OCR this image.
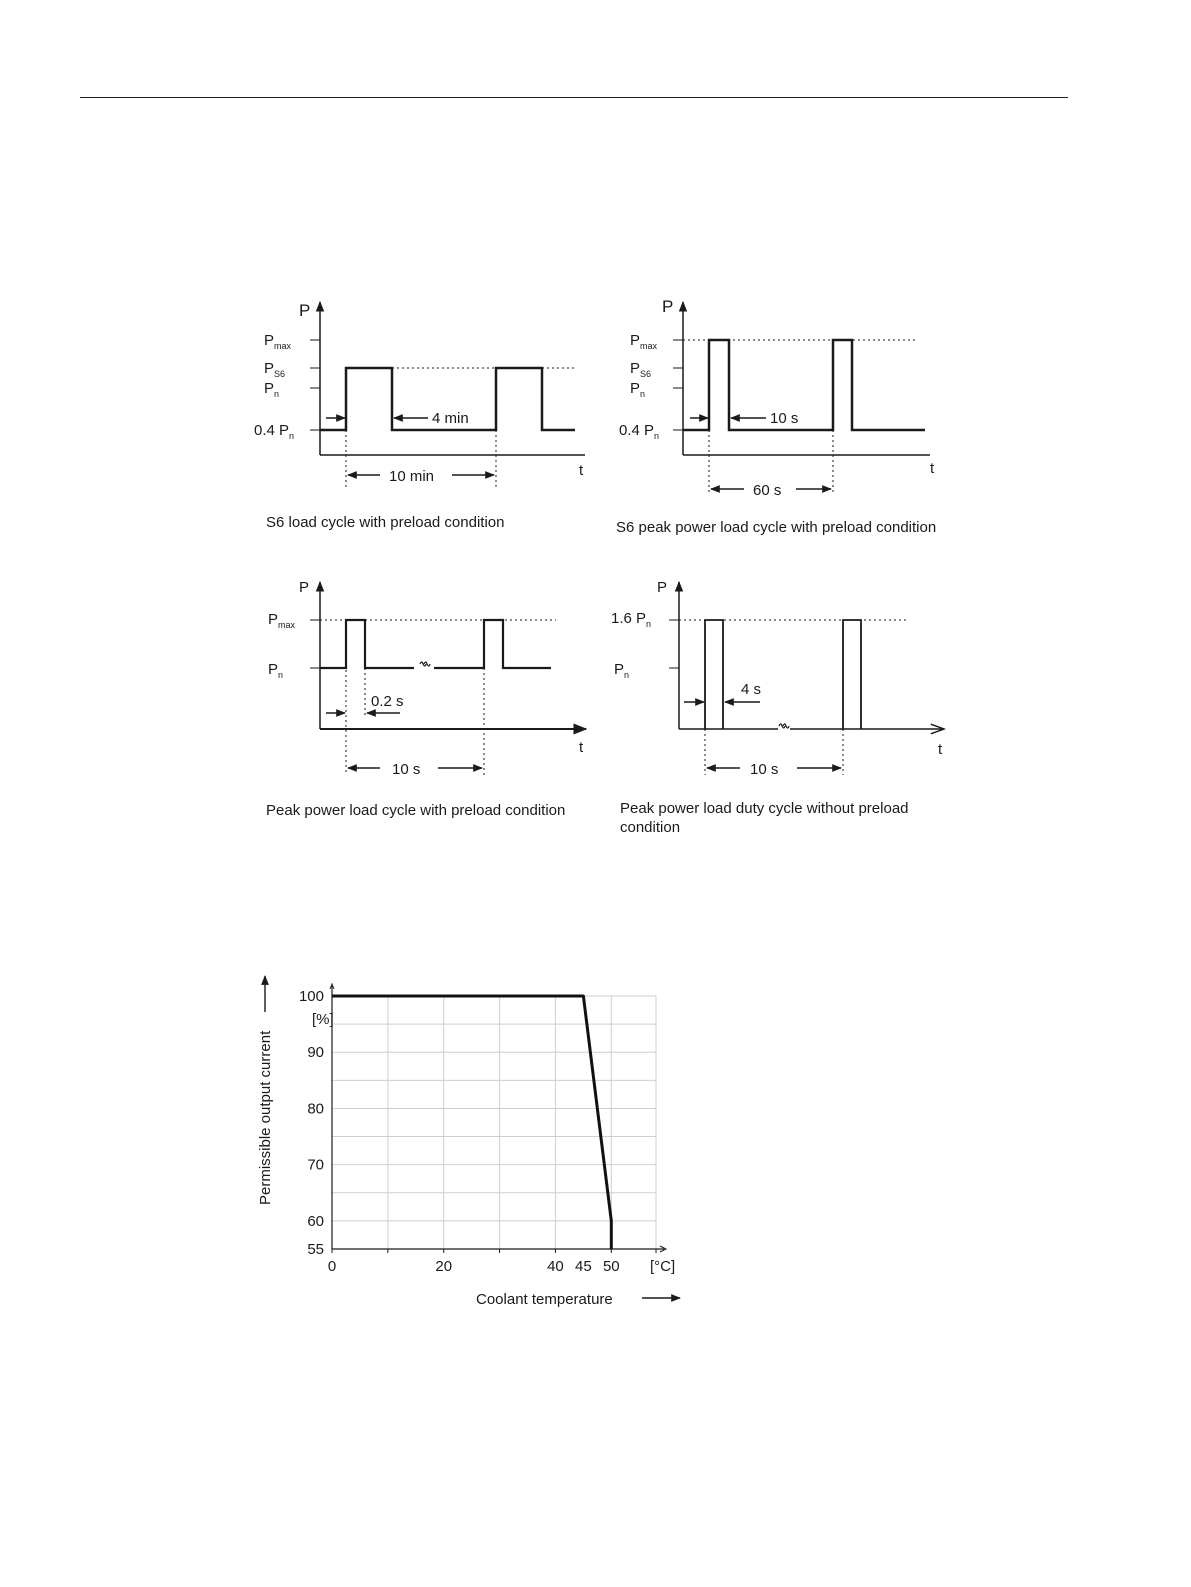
P
t
$P_{max}$
$P_{S6}$
$P_n$
0.4 $P_n$
4 min
10 min
S6 load cycle with preload condition
P
t
$P_{max}$
$P_{S6}$
$P_n$
0.4 $P_n$
10 s
60 s
S6 peak power load cycle with preload condition
P
t
$P_{max}$
$P_n$
0.2 s
10 s
Peak power load cycle with preload condition
P
t
1.6 $P_n$
$P_n$
4 s
10 s
Peak power load duty cycle without preload
condition
0	20	40 45 50
55
60
70
80
90
100
[%]
[°C]
Coolant temperature
Permissible output current
